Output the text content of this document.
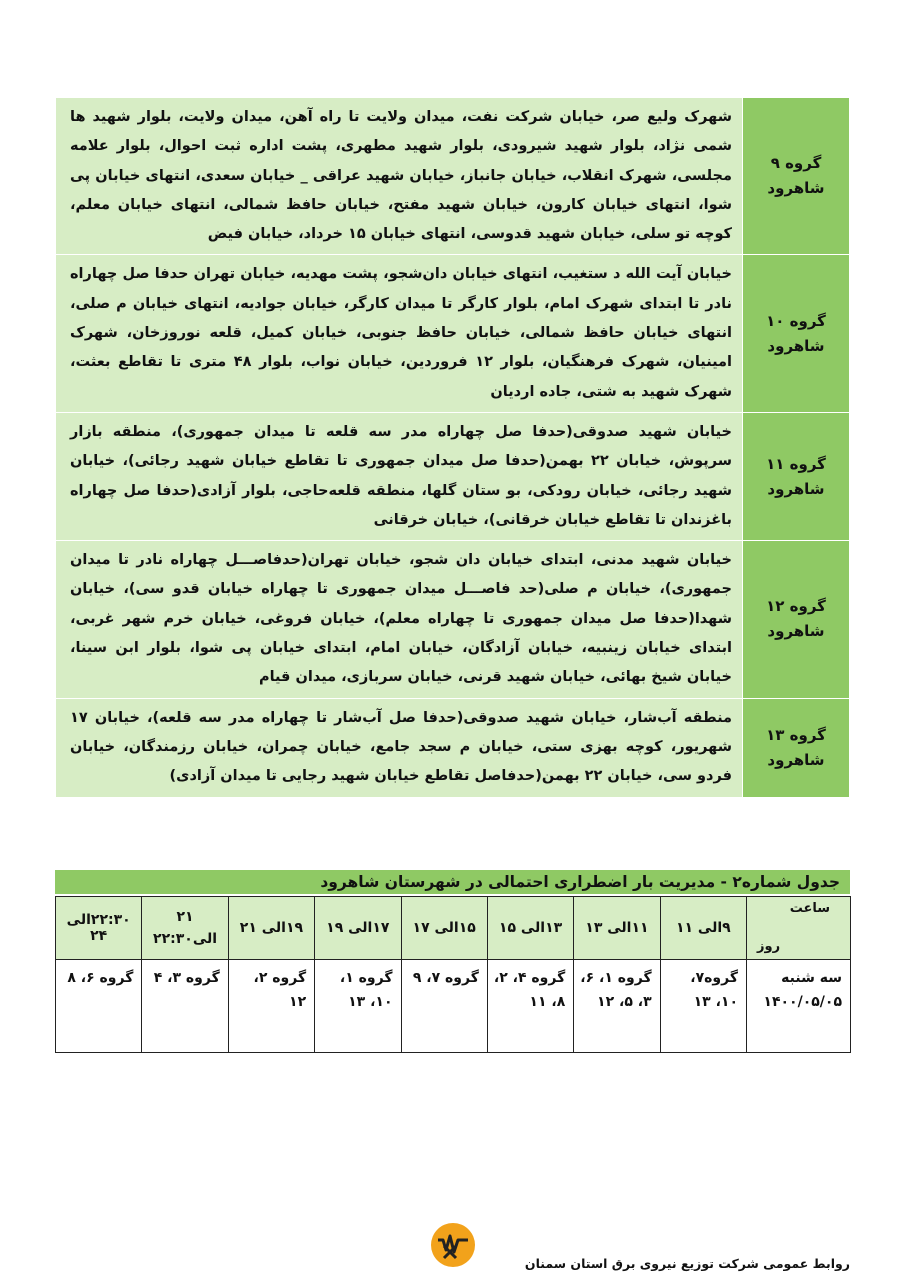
گروه ۹
شاهرود	شهرک ولیع صر، خیابان شرکت نفت، میدان ولایت تا راه آهن، میدان ولایت، بلوار شهید ها شمی نژاد، بلوار شهید شیرودی، بلوار شهید مطهری، پشت اداره ثبت احوال، بلوار علامه مجلسی، شهرک انقلاب، خیابان جانباز، خیابان شهید عراقی _ خیابان سعدی، انتهای خیابان پی شوا، انتهای خیابان کارون، خیابان شهید مفتح، خیابان حافظ شمالی، انتهای خیابان معلم، کوچه تو سلی، خیابان شهید قدوسی، انتهای خیابان ۱۵ خرداد، خیابان فیض

گروه ۱۰
شاهرود	خیابان آیت الله د ستغیب، انتهای خیابان دان‌شجو، پشت مهدیه، خیابان تهران حدفا صل چهاراه نادر تا ابتدای شهرک امام، بلوار کارگر تا میدان کارگر، خیابان جوادیه، انتهای خیابان م صلی، انتهای خیابان حافظ شمالی، خیابان حافظ جنوبی، خیابان کمیل، قلعه نوروزخان، شهرک امینیان، شهرک فرهنگیان، بلوار ۱۲ فروردین، خیابان نواب، بلوار ۴۸ متری تا تقاطع بعثت، شهرک شهید به شتی، جاده اردیان

گروه ۱۱
شاهرود	خیابان شهید صدوقی(حدفا صل چهاراه مدر سه قلعه تا میدان جمهوری)، منطقه بازار سرپوش، خیابان ۲۲ بهمن(حدفا صل میدان جمهوری تا تقاطع خیابان شهید رجائی)، خیابان شهید رجائی، خیابان رودکی، بو ستان گلها، منطقه قلعه‌حاجی، بلوار آزادی(حدفا صل چهاراه باغزندان تا تقاطع خیابان خرقانی)، خیابان خرقانی

گروه ۱۲
شاهرود	خیابان شهید مدنی، ابتدای خیابان دان شجو، خیابان تهران(حدفاصـــل چهاراه نادر تا میدان جمهوری)، خیابان م صلی(حد فاصـــل میدان جمهوری تا چهاراه خیابان قدو سی)، خیابان شهدا(حدفا صل میدان جمهوری تا چهاراه معلم)، خیابان فروغی، خیابان خرم شهر غربی، ابتدای خیابان زینبیه، خیابان آزادگان، خیابان امام، ابتدای خیابان پی شوا، بلوار ابن سینا، خیابان شیخ بهائی، خیابان شهید قرنی، خیابان سربازی، میدان قیام

گروه ۱۳
شاهرود	منطقه آب‌شار، خیابان شهید صدوقی(حدفا صل آب‌شار تا چهاراه مدر سه قلعه)، خیابان ۱۷ شهریور، کوچه بهزی ستی، خیابان م سجد جامع، خیابان چمران، خیابان رزمندگان، خیابان فردو سی، خیابان ۲۲ بهمن(حدفاصل تقاطع خیابان شهید رجایی تا میدان آزادی)
جدول شماره۲ - مدیریت بار اضطراری احتمالی در شهرستان شاهرود
ساعت
روز	۹الی ۱۱	۱۱الی ۱۳	۱۳الی ۱۵	۱۵الی ۱۷	۱۷الی ۱۹	۱۹الی ۲۱	۲۱
الی۲۲:۳۰	۲۲:۳۰الی ۲۴

سه شنبه
۱۴۰۰/۰۵/۰۵	گروه۷، ۱۰، ۱۳	گروه ۱، ۶، ۳، ۵، ۱۲	گروه ۴، ۲، ۸، ۱۱	گروه ۷، ۹	گروه ۱، ۱۰، ۱۳	گروه ۲، ۱۲	گروه ۳، ۴	گروه ۶، ۸
روابط عمومی شرکت توزیع نیروی برق استان سمنان
